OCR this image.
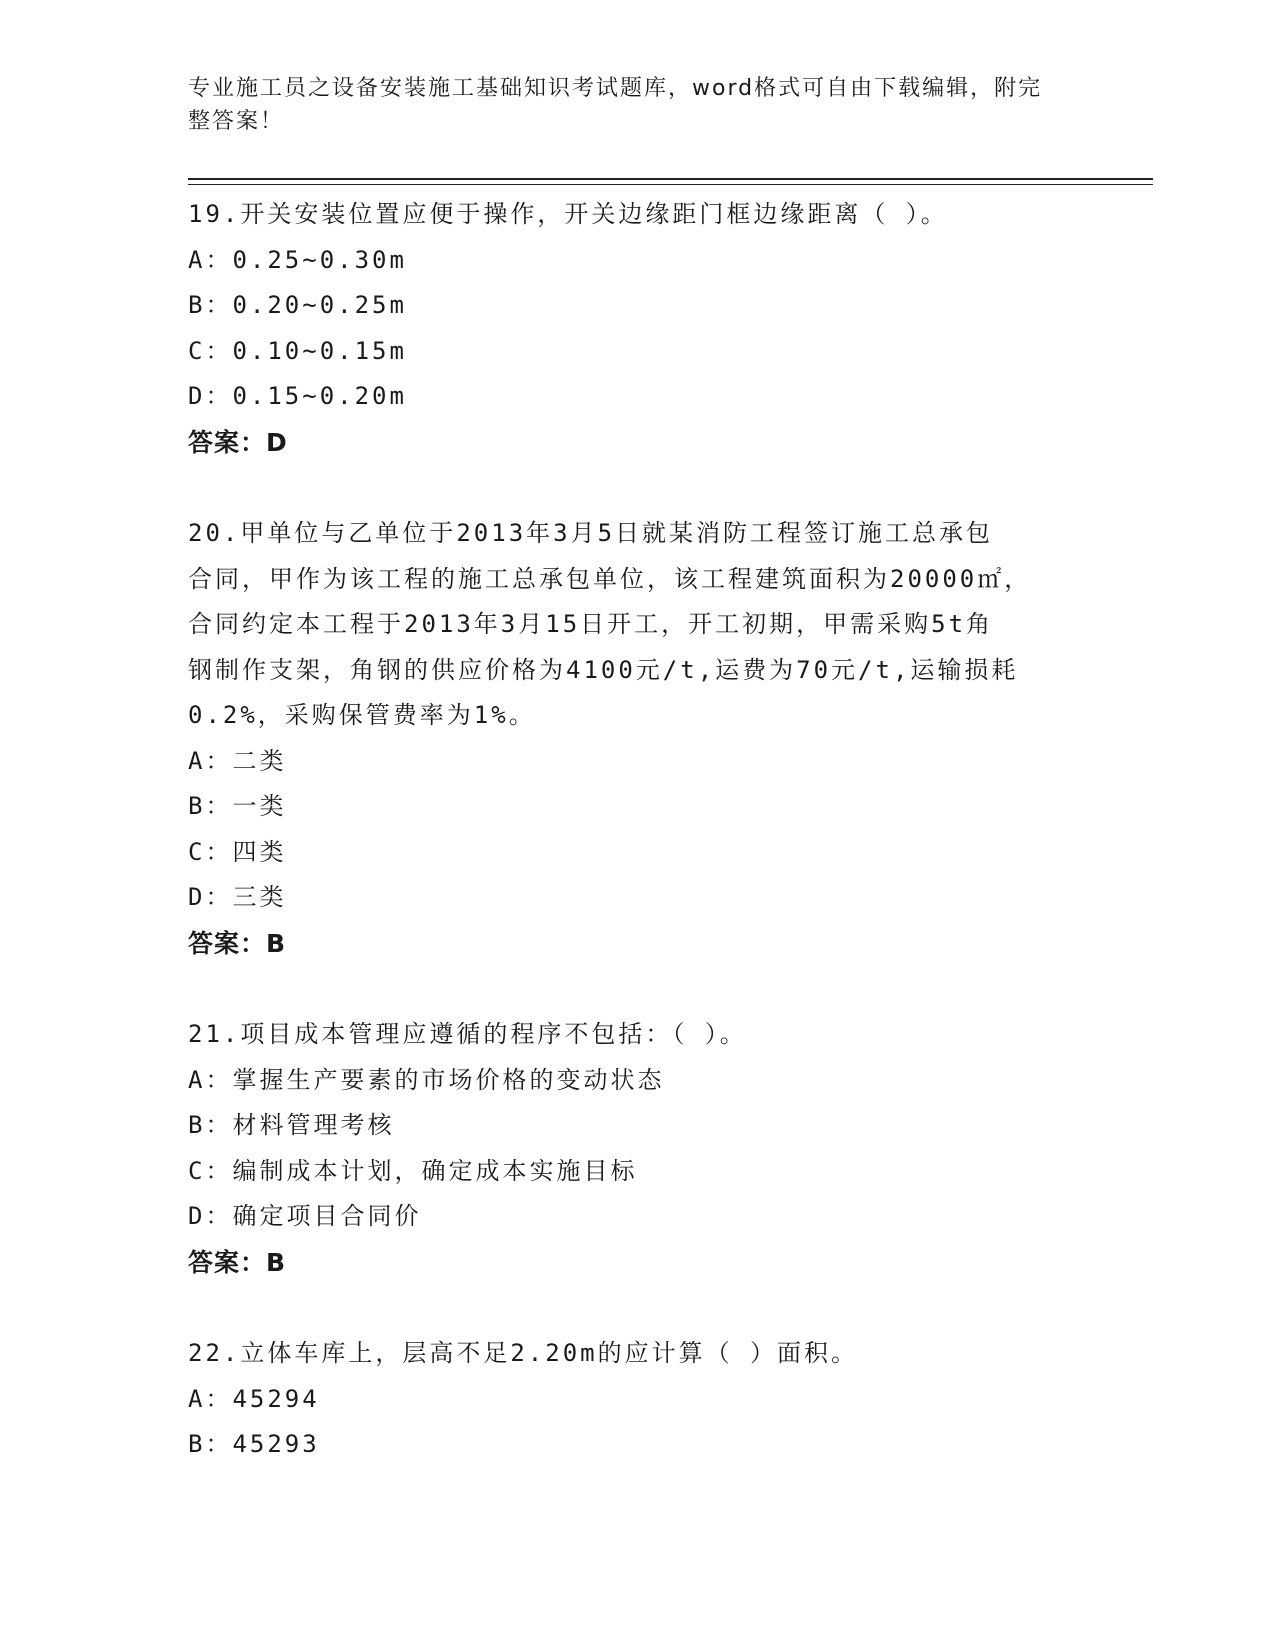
专业施工员之设备安装施工基础知识考试题库，word格式可自由下载编辑，附完
整答案！
19.开关安装位置应便于操作，开关边缘距门框边缘距离（ ）。
A：0.25~0.30m
B：0.20~0.25m
C：0.10~0.15m
D：0.15~0.20m
答案：D
20.甲单位与乙单位于2013年3月5日就某消防工程签订施工总承包
合同，甲作为该工程的施工总承包单位，该工程建筑面积为20000㎡，
合同约定本工程于2013年3月15日开工，开工初期，甲需采购5t角
钢制作支架，角钢的供应价格为4100元/t,运费为70元/t,运输损耗
0.2%，采购保管费率为1%。
A：二类
B：一类
C：四类
D：三类
答案：B
21.项目成本管理应遵循的程序不包括：（ ）。
A：掌握生产要素的市场价格的变动状态
B：材料管理考核
C：编制成本计划，确定成本实施目标
D：确定项目合同价
答案：B
22.立体车库上，层高不足2.20m的应计算（ ）面积。
A：45294
B：45293
